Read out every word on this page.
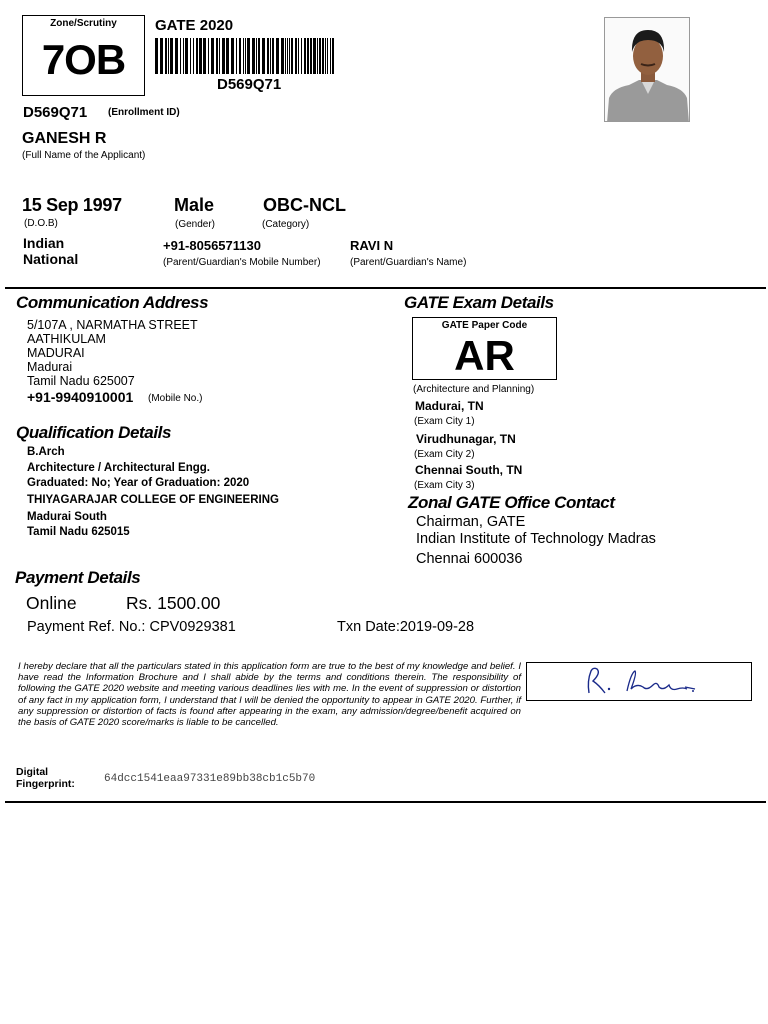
Zone/Scrutiny
7OB
GATE 2020
D569Q71
D569Q71 (Enrollment ID)
GANESH R
(Full Name of the Applicant)
15 Sep 1997
(D.O.B)
Male
(Gender)
OBC-NCL
(Category)
Indian
National
+91-8056571130
(Parent/Guardian's Mobile Number)
RAVI N
(Parent/Guardian's Name)
Communication Address
5/107A , NARMATHA STREET
AATHIKULAM
MADURAI
Madurai
Tamil Nadu 625007
+91-9940910001 (Mobile No.)
GATE Exam Details
GATE Paper Code
AR
(Architecture and Planning)
Madurai, TN
(Exam City 1)
Virudhunagar, TN
(Exam City 2)
Chennai South, TN
(Exam City 3)
Qualification Details
B.Arch
Architecture / Architectural Engg.
Graduated: No; Year of Graduation: 2020
THIYAGARAJAR COLLEGE OF ENGINEERING
Madurai South
Tamil Nadu 625015
Zonal GATE Office Contact
Chairman, GATE
Indian Institute of Technology Madras
Chennai 600036
Payment Details
Online	Rs. 1500.00
Payment Ref. No.: CPV0929381	Txn Date:2019-09-28
I hereby declare that all the particulars stated in this application form are true to the best of my knowledge and belief. I have read the Information Brochure and I shall abide by the terms and conditions therein. The responsibility of following the GATE 2020 website and meeting various deadlines lies with me. In the event of suppression or distortion of any fact in my application form, I understand that I will be denied the opportunity to appear in GATE 2020. Further, if any suppression or distortion of facts is found after appearing in the exam, any admission/degree/benefit acquired on the basis of GATE 2020 score/marks is liable to be cancelled.
Digital
Fingerprint:	64dcc1541eaa97331e89bb38cb1c5b70
